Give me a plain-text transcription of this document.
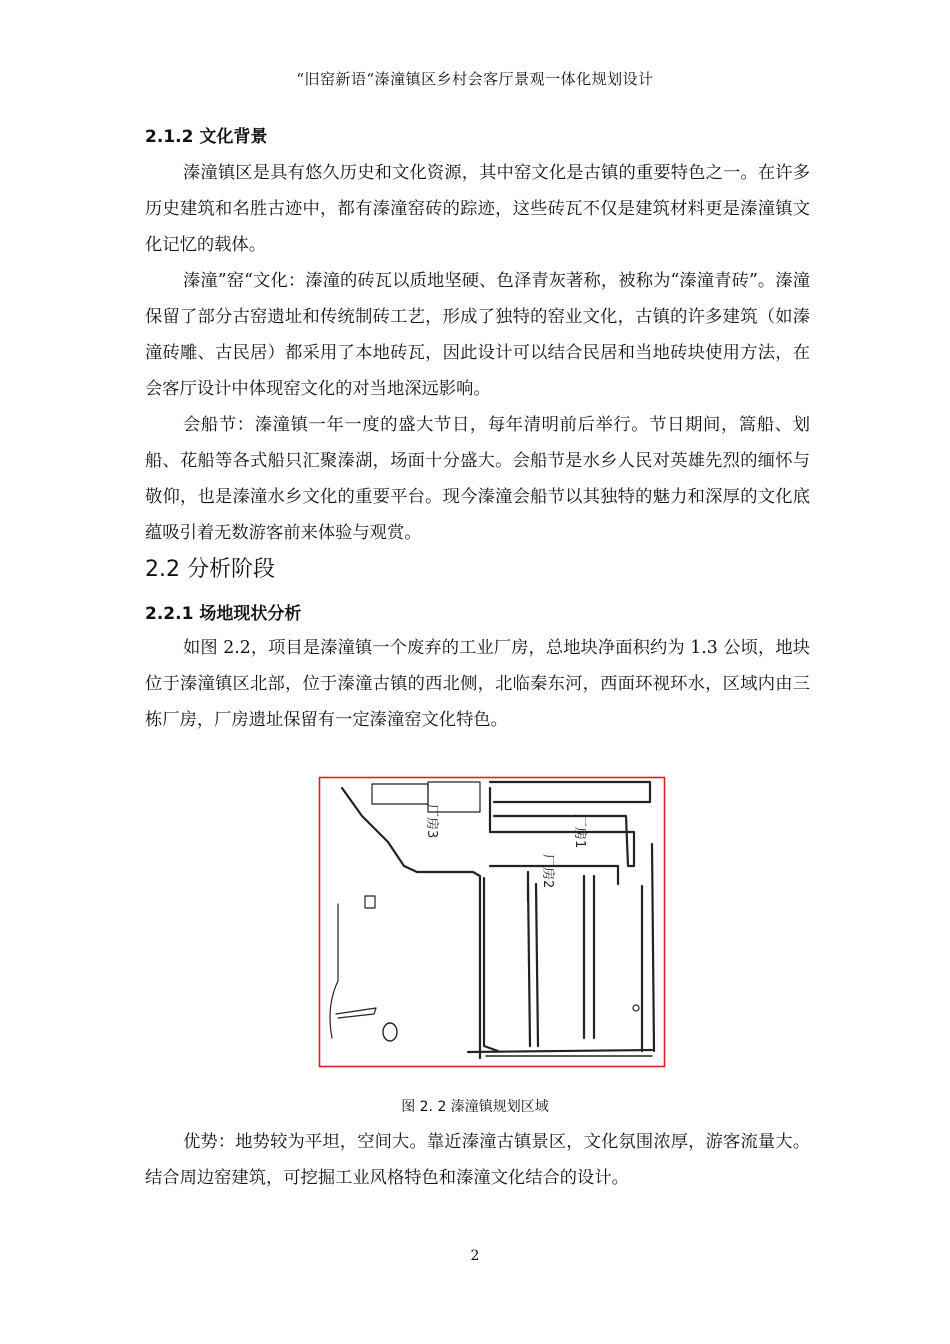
“旧窑新语“溱潼镇区乡村会客厅景观一体化规划设计
2.1.2 文化背景

溱潼镇区是具有悠久历史和文化资源，其中窑文化是古镇的重要特色之一。在许多历史建筑和名胜古迹中，都有溱潼窑砖的踪迹，这些砖瓦不仅是建筑材料更是溱潼镇文化记忆的载体。

溱潼”窑“文化：溱潼的砖瓦以质地坚硬、色泽青灰著称，被称为“溱潼青砖”。溱潼保留了部分古窑遗址和传统制砖工艺，形成了独特的窑业文化，古镇的许多建筑（如溱潼砖雕、古民居）都采用了本地砖瓦，因此设计可以结合民居和当地砖块使用方法，在会客厅设计中体现窑文化的对当地深远影响。

会船节：溱潼镇一年一度的盛大节日，每年清明前后举行。节日期间，篙船、划船、花船等各式船只汇聚溱湖，场面十分盛大。会船节是水乡人民对英雄先烈的缅怀与敬仰，也是溱潼水乡文化的重要平台。现今溱潼会船节以其独特的魅力和深厚的文化底蕴吸引着无数游客前来体验与观赏。

2.2 分析阶段
2.2.1 场地现状分析

如图 2.2，项目是溱潼镇一个废弃的工业厂房，总地块净面积约为 1.3 公顷，地块位于溱潼镇区北部，位于溱潼古镇的西北侧，北临秦东河，西面环视环水，区域内由三栋厂房，厂房遗址保留有一定溱潼窑文化特色。

厂房3	厂房1
厂房2
图 2. 2 溱潼镇规划区域

优势：地势较为平坦，空间大。靠近溱潼古镇景区，文化氛围浓厚，游客流量大。结合周边窑建筑，可挖掘工业风格特色和溱潼文化结合的设计。

2
